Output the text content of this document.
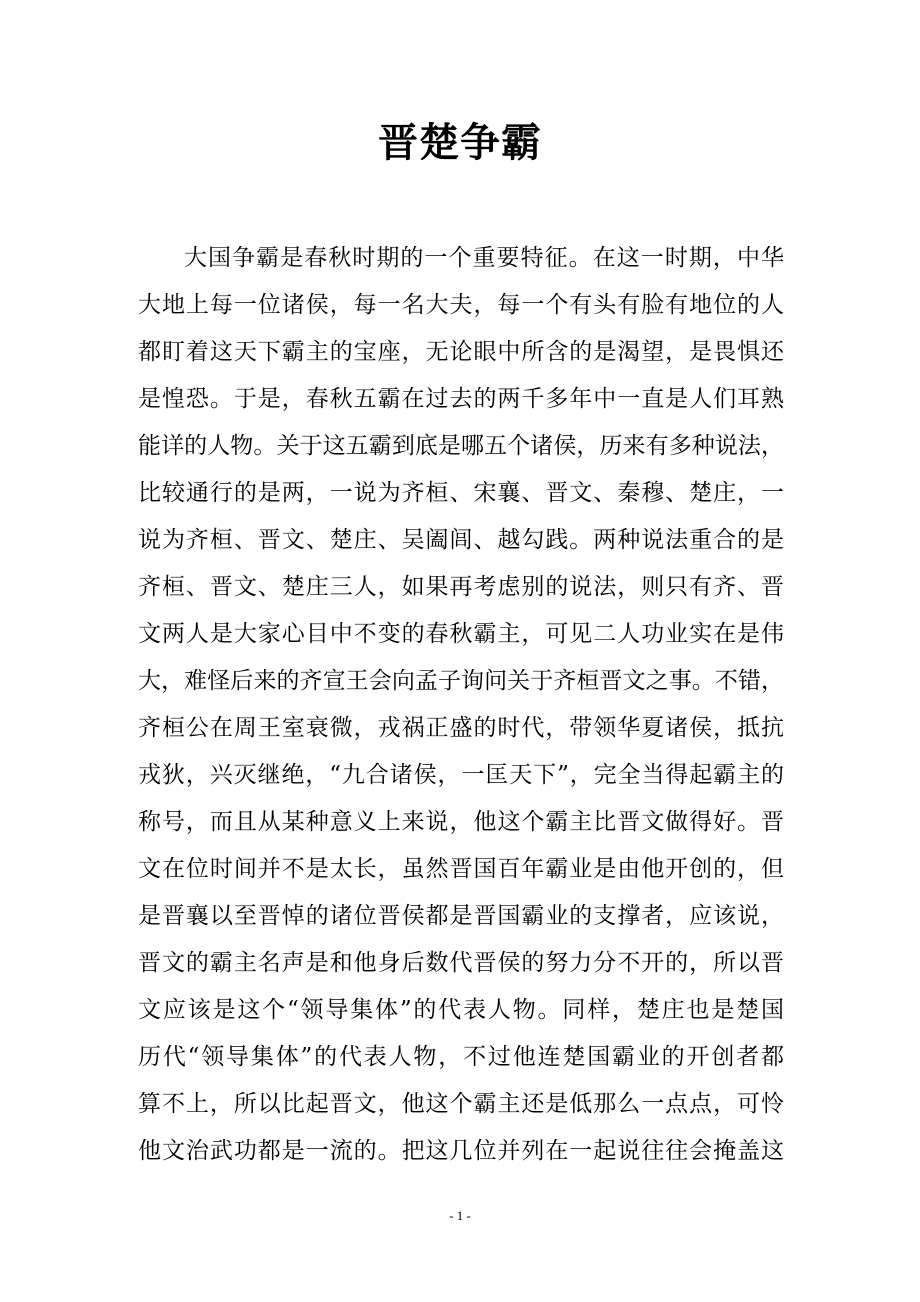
晋楚争霸
大国争霸是春秋时期的一个重要特征。在这一时期，中华
大地上每一位诸侯，每一名大夫，每一个有头有脸有地位的人
都盯着这天下霸主的宝座，无论眼中所含的是渴望，是畏惧还
是惶恐。于是，春秋五霸在过去的两千多年中一直是人们耳熟
能详的人物。关于这五霸到底是哪五个诸侯，历来有多种说法，
比较通行的是两，一说为齐桓、宋襄、晋文、秦穆、楚庄，一
说为齐桓、晋文、楚庄、吴阖闾、越勾践。两种说法重合的是
齐桓、晋文、楚庄三人，如果再考虑别的说法，则只有齐、晋
文两人是大家心目中不变的春秋霸主，可见二人功业实在是伟
大，难怪后来的齐宣王会向孟子询问关于齐桓晋文之事。不错，
齐桓公在周王室衰微，戎祸正盛的时代，带领华夏诸侯，抵抗
戎狄，兴灭继绝，“九合诸侯，一匡天下”，完全当得起霸主的
称号，而且从某种意义上来说，他这个霸主比晋文做得好。晋
文在位时间并不是太长，虽然晋国百年霸业是由他开创的，但
是晋襄以至晋悼的诸位晋侯都是晋国霸业的支撑者，应该说，
晋文的霸主名声是和他身后数代晋侯的努力分不开的，所以晋
文应该是这个“领导集体”的代表人物。同样，楚庄也是楚国
历代“领导集体”的代表人物，不过他连楚国霸业的开创者都
算不上，所以比起晋文，他这个霸主还是低那么一点点，可怜
他文治武功都是一流的。把这几位并列在一起说往往会掩盖这
- 1 -
